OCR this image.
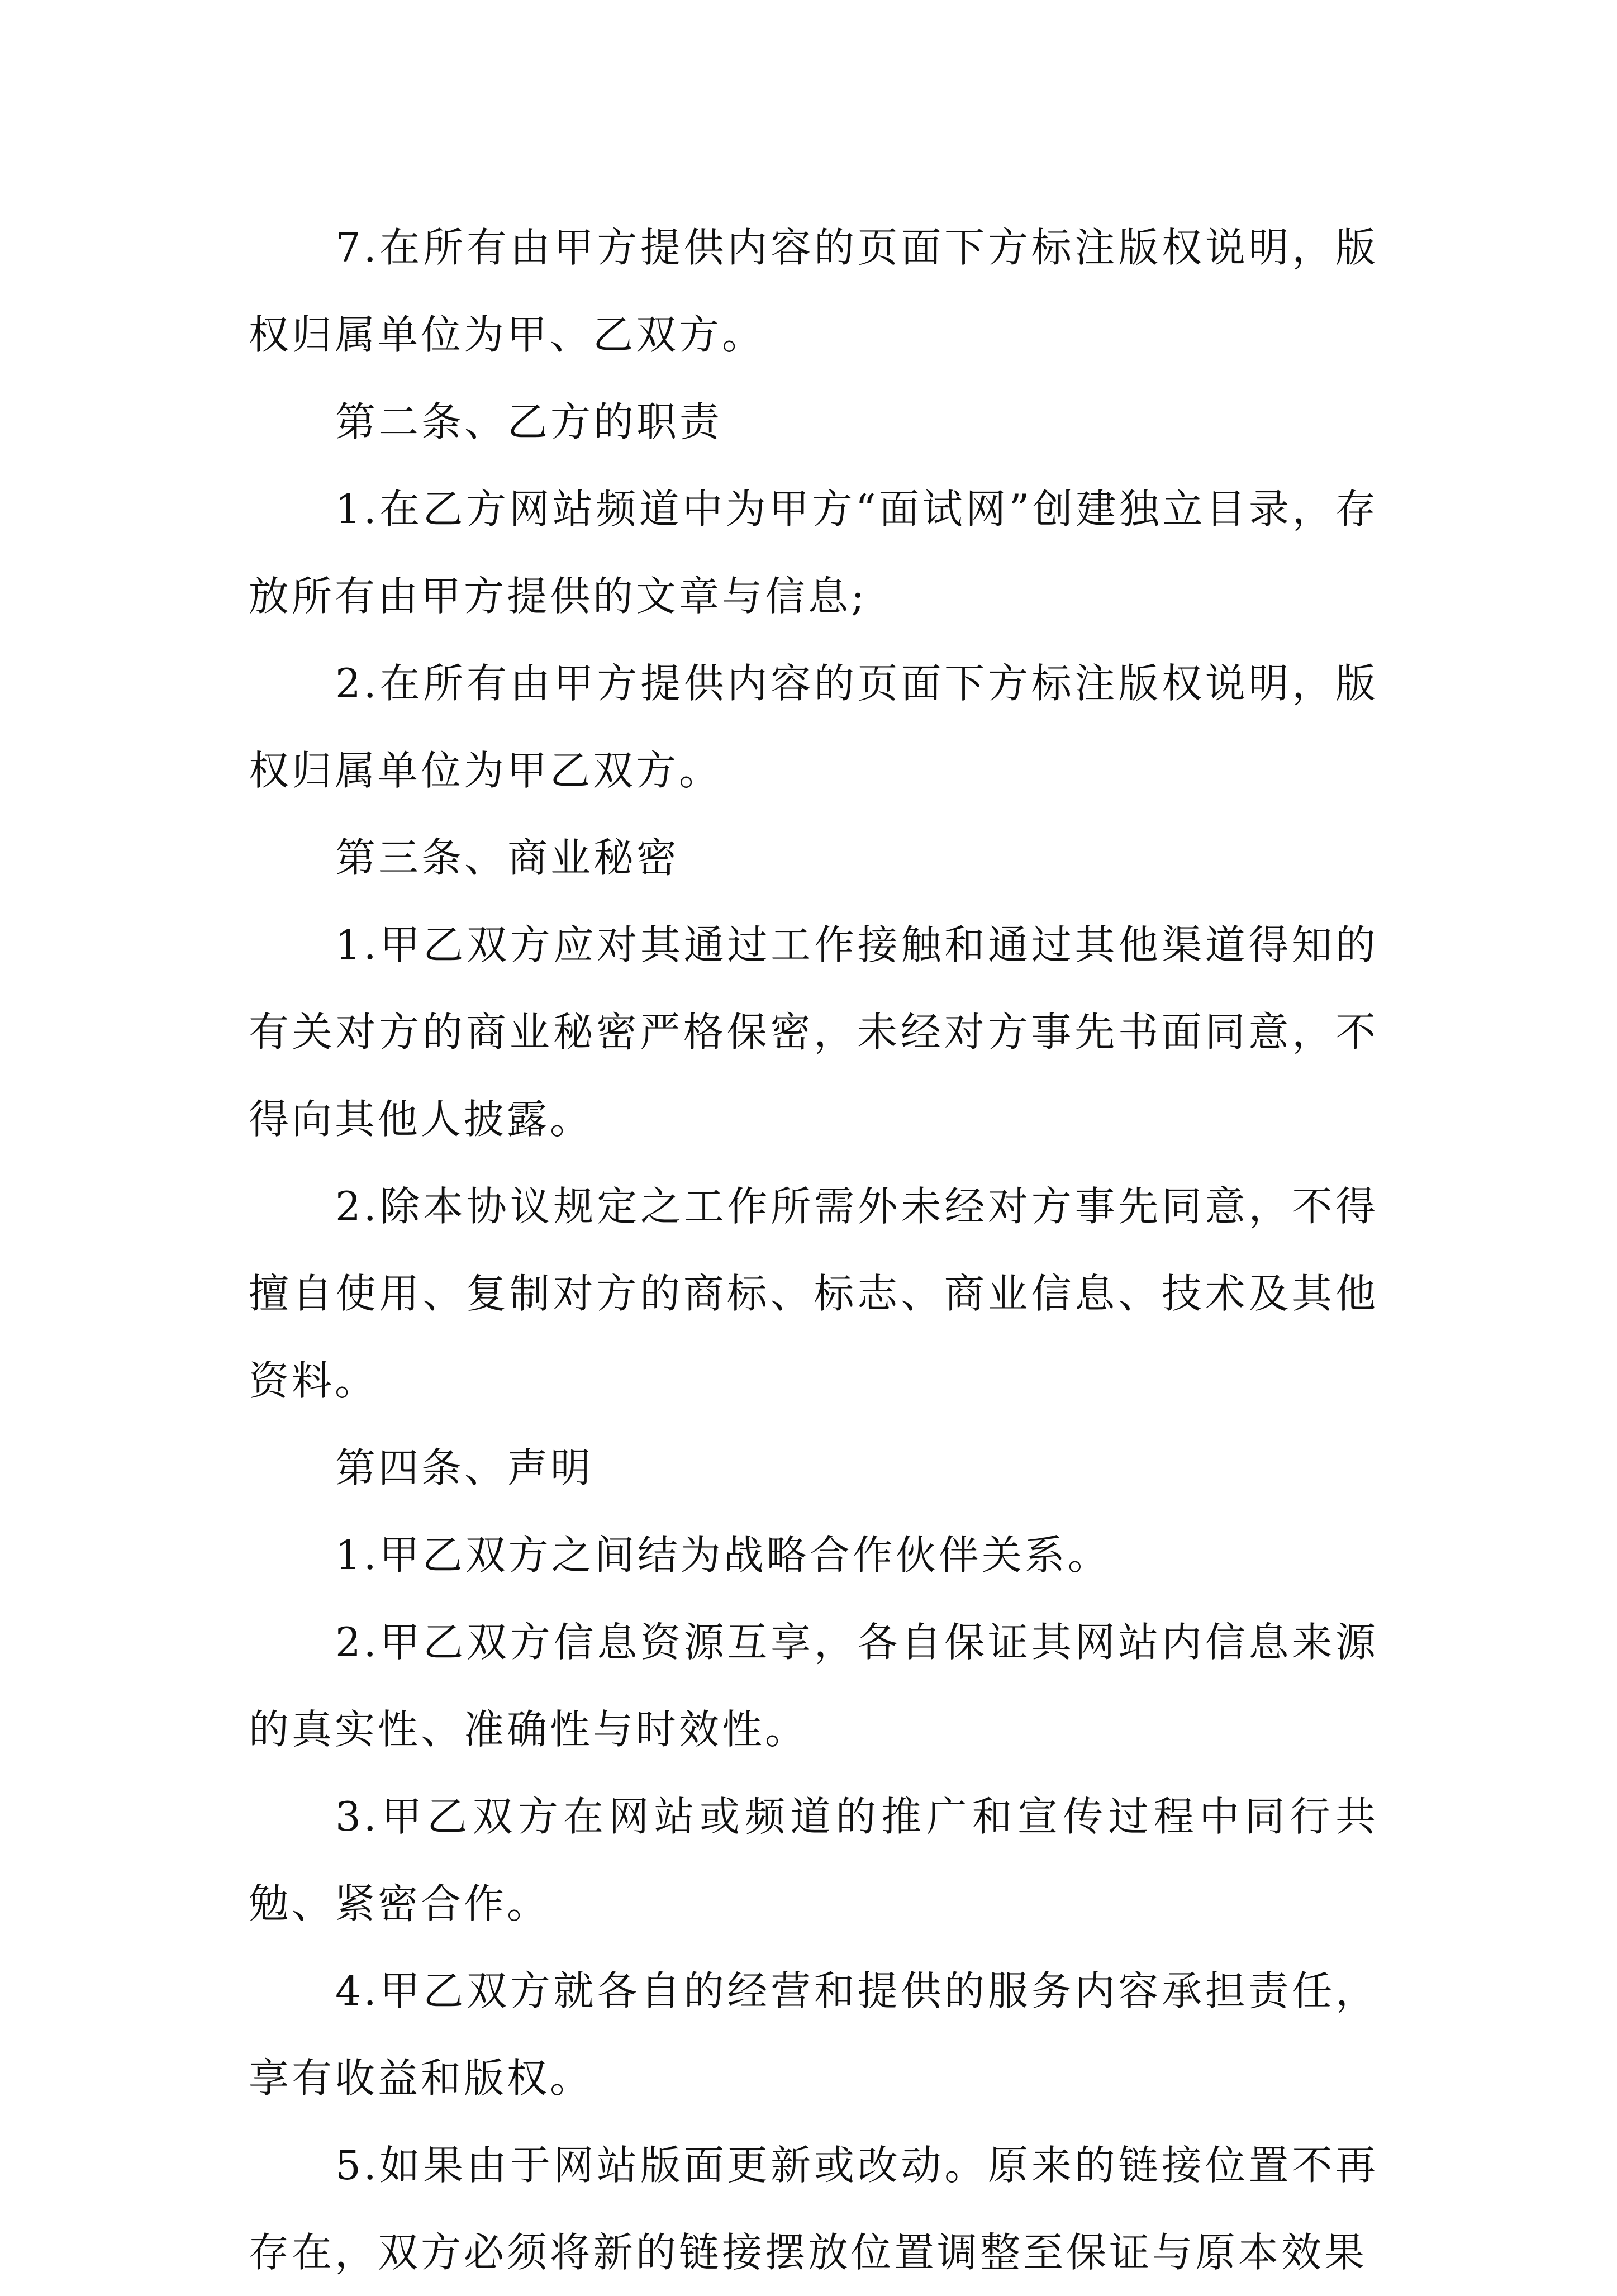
7.在所有由甲方提供内容的页面下方标注版权说明，版权归属单位为甲、乙双方。

第二条、乙方的职责

1.在乙方网站频道中为甲方“面试网”创建独立目录，存放所有由甲方提供的文章与信息;

2.在所有由甲方提供内容的页面下方标注版权说明，版权归属单位为甲乙双方。

第三条、商业秘密

1.甲乙双方应对其通过工作接触和通过其他渠道得知的有关对方的商业秘密严格保密，未经对方事先书面同意，不得向其他人披露。

2.除本协议规定之工作所需外未经对方事先同意，不得擅自使用、复制对方的商标、标志、商业信息、技术及其他资料。

第四条、声明

1.甲乙双方之间结为战略合作伙伴关系。

2.甲乙双方信息资源互享，各自保证其网站内信息来源的真实性、准确性与时效性。

3.甲乙双方在网站或频道的推广和宣传过程中同行共勉、紧密合作。

4.甲乙双方就各自的经营和提供的服务内容承担责任，享有收益和版权。

5.如果由于网站版面更新或改动。原来的链接位置不再存在，双方必须将新的链接摆放位置调整至保证与原本效果
